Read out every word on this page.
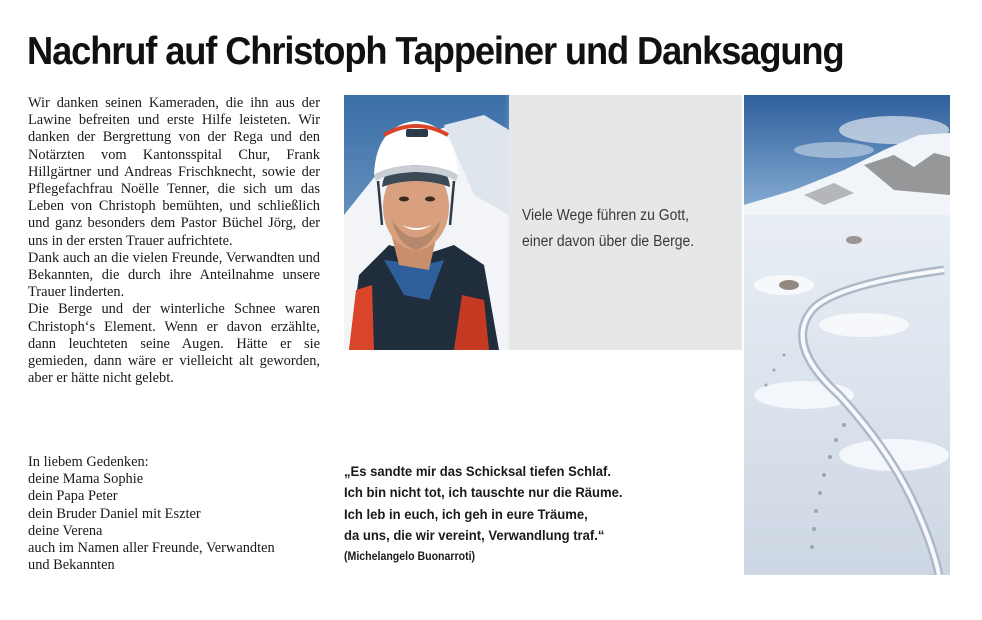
Nachruf auf Christoph Tappeiner und Danksagung

Wir danken seinen Kameraden, die ihn aus der Lawine befreiten und erste Hilfe leisteten. Wir danken der Bergrettung von der Rega und den Notärzten vom Kantonsspital Chur, Frank Hillgärtner und Andreas Frischknecht, sowie der Pflegefachfrau Noëlle Tenner, die sich um das Leben von Christoph bemühten, und schließlich und ganz besonders dem Pastor Büchel Jörg, der uns in der ersten Trauer aufrichtete.

Dank auch an die vielen Freunde, Verwandten und Bekannten, die durch ihre Anteilnahme unsere Trauer linderten.

Die Berge und der winterliche Schnee waren Christoph‘s Element. Wenn er davon erzählte, dann leuchteten seine Augen. Hätte er sie gemieden, dann wäre er vielleicht alt geworden, aber er hätte nicht gelebt.

In liebem Gedenken:
deine Mama Sophie
dein Papa Peter
dein Bruder Daniel mit Eszter
deine Verena
auch im Namen aller Freunde, Verwandten
und Bekannten
Viele Wege führen zu Gott,
einer davon über die Berge.
„Es sandte mir das Schicksal tiefen Schlaf.
Ich bin nicht tot, ich tauschte nur die Räume.
Ich leb in euch, ich geh in eure Träume,
da uns, die wir vereint, Verwandlung traf.“
(Michelangelo Buonarroti)
